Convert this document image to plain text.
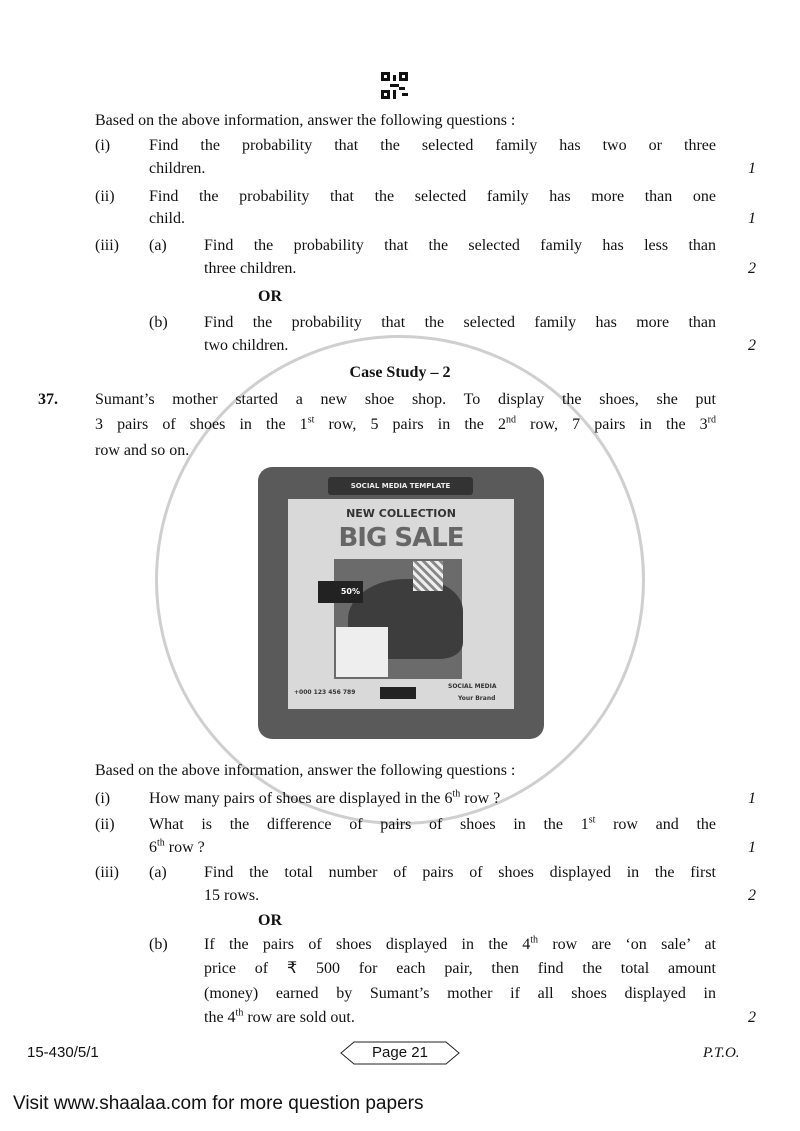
Based on the above information, answer the following questions :
(i) Find the probability that the selected family has two or three
children.	1
(ii) Find the probability that the selected family has more than one
child.	1
(iii) (a) Find the probability that the selected family has less than
three children.	2
OR
(b) Find the probability that the selected family has more than
two children.	2
Case Study – 2
37. Sumant’s mother started a new shoe shop. To display the shoes, she put
3 pairs of shoes in the 1st row, 5 pairs in the 2nd row, 7 pairs in the 3rd
row and so on.
SOCIAL MEDIA TEMPLATE
NEW COLLECTION
BIG SALE
50%
+000 123 456 789
SOCIAL MEDIA
Your Brand
Based on the above information, answer the following questions :
(i) How many pairs of shoes are displayed in the 6th row ?	1
(ii) What is the difference of pairs of shoes in the 1st row and the
6th row ?	1
(iii) (a) Find the total number of pairs of shoes displayed in the first
15 rows.	2
OR
(b) If the pairs of shoes displayed in the 4th row are ‘on sale’ at
price of ₹ 500 for each pair, then find the total amount
(money) earned by Sumant’s mother if all shoes displayed in
the 4th row are sold out.	2
15-430/5/1	Page 21	P.T.O.
Visit www.shaalaa.com for more question papers
